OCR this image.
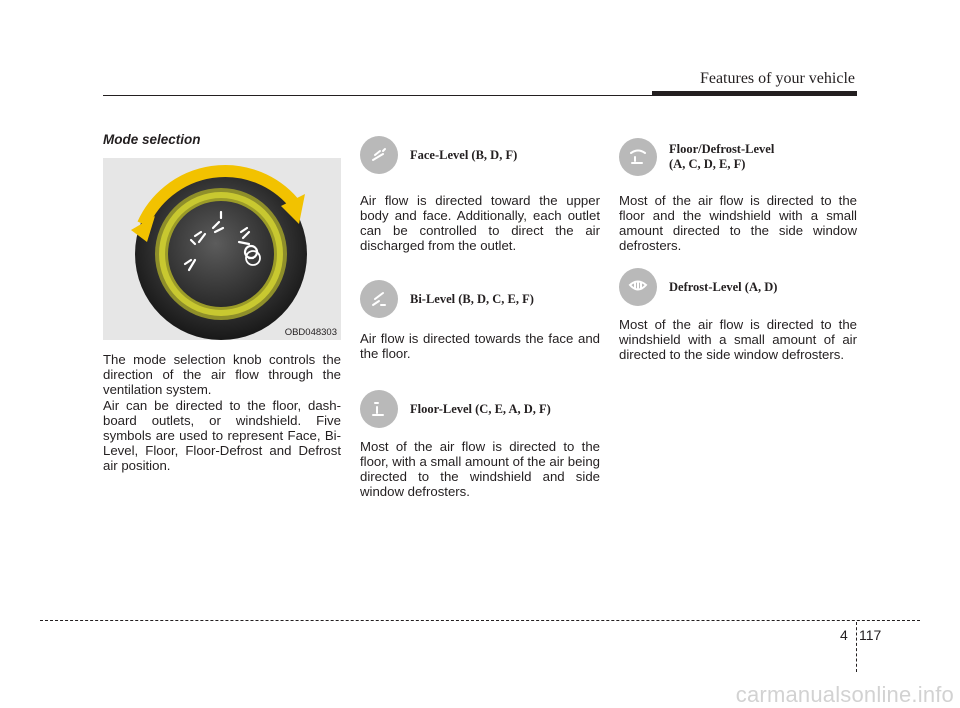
Features of your vehicle
Mode selection
OBD048303
The mode selection knob controls the direction of the air flow through the ventilation system.
Air can be directed to the floor, dash-board outlets, or windshield. Five symbols are used to represent Face, Bi-Level, Floor, Floor-Defrost and Defrost air position.
Face-Level (B, D, F)
Air flow is directed toward the upper body and face. Additionally, each outlet can be controlled to direct the air discharged from the outlet.
Bi-Level (B, D, C, E, F)
Air flow is directed towards the face and the floor.
Floor-Level (C, E, A, D, F)
Most of the air flow is directed to the floor, with a small amount of the air being directed to the windshield and side window defrosters.
Floor/Defrost-Level
(A, C, D, E, F)
Most of the air flow is directed to the floor and the windshield with a small amount directed to the side window defrosters.
Defrost-Level (A, D)
Most of the air flow is directed to the windshield with a small amount of air directed to the side window defrosters.
4 117
carmanualsonline.info
